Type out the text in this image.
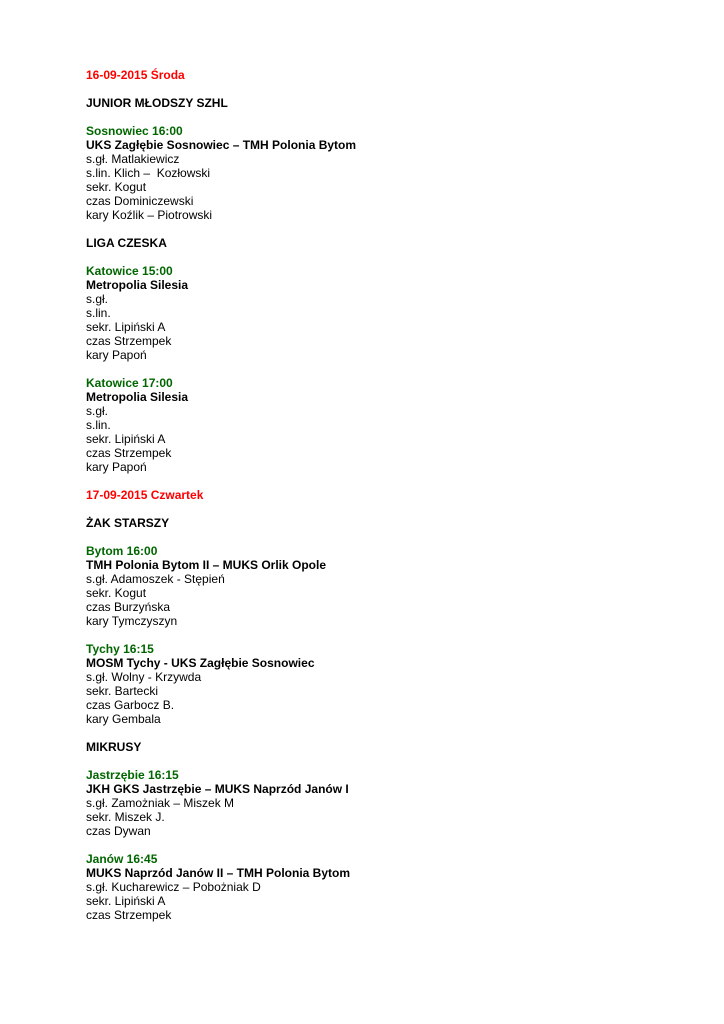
16-09-2015 Środa
JUNIOR MŁODSZY SZHL
Sosnowiec 16:00
UKS Zagłębie Sosnowiec – TMH Polonia Bytom
s.gł. Matlakiewicz
s.lin. Klich –  Kozłowski
sekr. Kogut
czas Dominiczewski
kary Koźlik – Piotrowski
LIGA CZESKA
Katowice 15:00
Metropolia Silesia
s.gł.
s.lin.
sekr. Lipiński A
czas Strzempek
kary Papoń
Katowice 17:00
Metropolia Silesia
s.gł.
s.lin.
sekr. Lipiński A
czas Strzempek
kary Papoń
17-09-2015 Czwartek
ŻAK STARSZY
Bytom 16:00
TMH Polonia Bytom II – MUKS Orlik Opole
s.gł. Adamoszek - Stępień
sekr. Kogut
czas Burzyńska
kary Tymczyszyn
Tychy 16:15
MOSM Tychy - UKS Zagłębie Sosnowiec
s.gł. Wolny - Krzywda
sekr. Bartecki
czas Garbocz B.
kary Gembala
MIKRUSY
Jastrzębie 16:15
JKH GKS Jastrzębie – MUKS Naprzód Janów I
s.gł. Zamożniak – Miszek M
sekr. Miszek J.
czas Dywan
Janów 16:45
MUKS Naprzód Janów II – TMH Polonia Bytom
s.gł. Kucharewicz – Pobożniak D
sekr. Lipiński A
czas Strzempek
